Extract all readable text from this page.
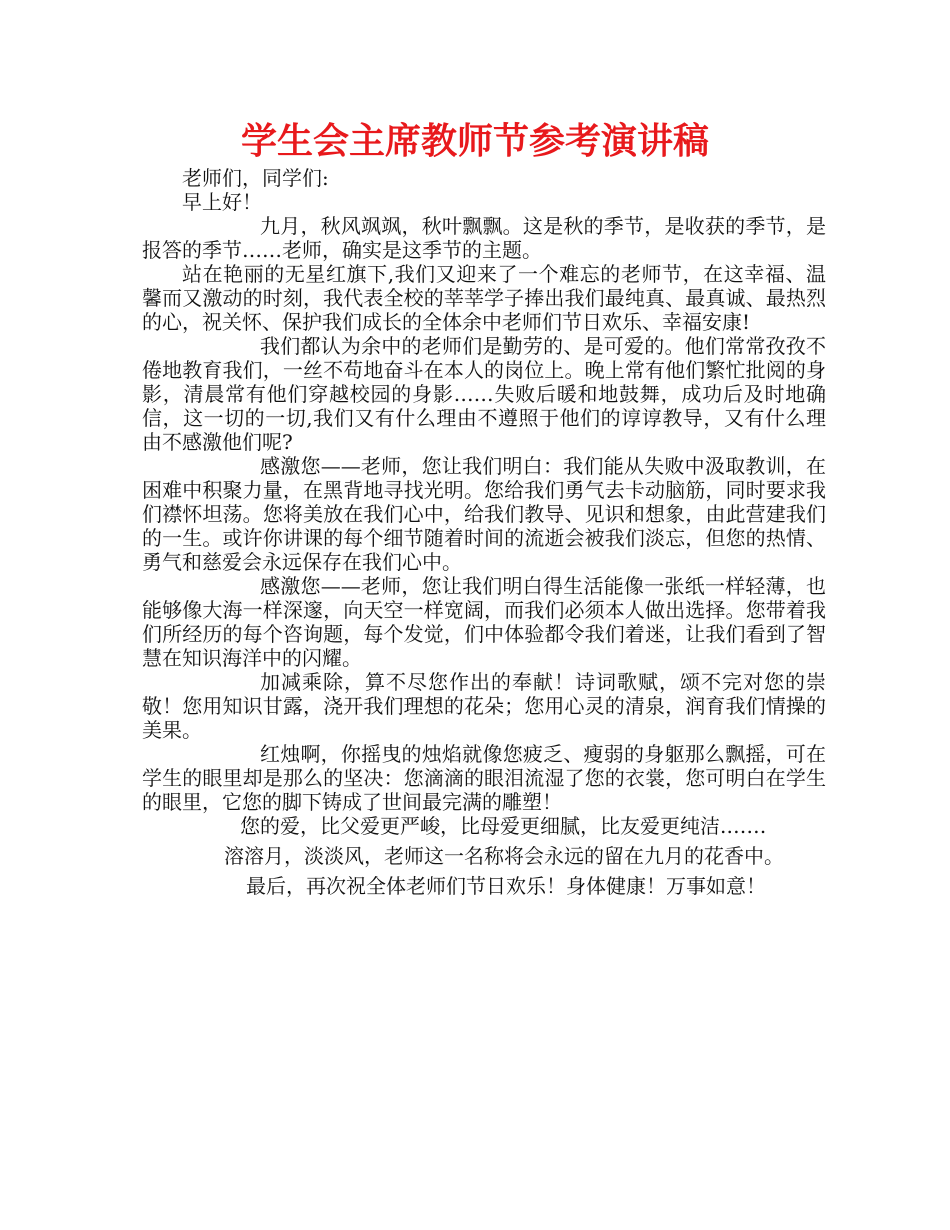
学生会主席教师节参考演讲稿

老师们，同学们:

早上好！

九月，秋风飒飒，秋叶飘飘。这是秋的季节，是收获的季节，是报答的季节……老师，确实是这季节的主题。

站在艳丽的无星红旗下,我们又迎来了一个难忘的老师节，在这幸福、温馨而又激动的时刻，我代表全校的莘莘学子捧出我们最纯真、最真诚、最热烈的心，祝关怀、保护我们成长的全体余中老师们节日欢乐、幸福安康!

我们都认为余中的老师们是勤劳的、是可爱的。他们常常孜孜不倦地教育我们，一丝不苟地奋斗在本人的岗位上。晚上常有他们繁忙批阅的身影，清晨常有他们穿越校园的身影……失败后暖和地鼓舞，成功后及时地确信，这一切的一切,我们又有什么理由不遵照于他们的谆谆教导，又有什么理由不感激他们呢?

感激您——老师，您让我们明白：我们能从失败中汲取教训，在困难中积聚力量，在黑背地寻找光明。您给我们勇气去卡动脑筋，同时要求我们襟怀坦荡。您将美放在我们心中，给我们教导、见识和想象，由此营建我们的一生。或许你讲课的每个细节随着时间的流逝会被我们淡忘，但您的热情、勇气和慈爱会永远保存在我们心中。

感激您——老师，您让我们明白得生活能像一张纸一样轻薄，也能够像大海一样深邃，向天空一样宽阔，而我们必须本人做出选择。您带着我们所经历的每个咨询题，每个发觉，们中体验都令我们着迷，让我们看到了智慧在知识海洋中的闪耀。

加减乘除，算不尽您作出的奉献！诗词歌赋，颂不完对您的崇敬！您用知识甘露，浇开我们理想的花朵；您用心灵的清泉，润育我们情操的美果。

红烛啊，你摇曳的烛焰就像您疲乏、瘦弱的身躯那么飘摇，可在学生的眼里却是那么的坚决：您滴滴的眼泪流湿了您的衣裳，您可明白在学生的眼里，它您的脚下铸成了世间最完满的雕塑！

您的爱，比父爱更严峻，比母爱更细腻，比友爱更纯洁.……

溶溶月，淡淡风，老师这一名称将会永远的留在九月的花香中。

最后，再次祝全体老师们节日欢乐！身体健康！万事如意！
